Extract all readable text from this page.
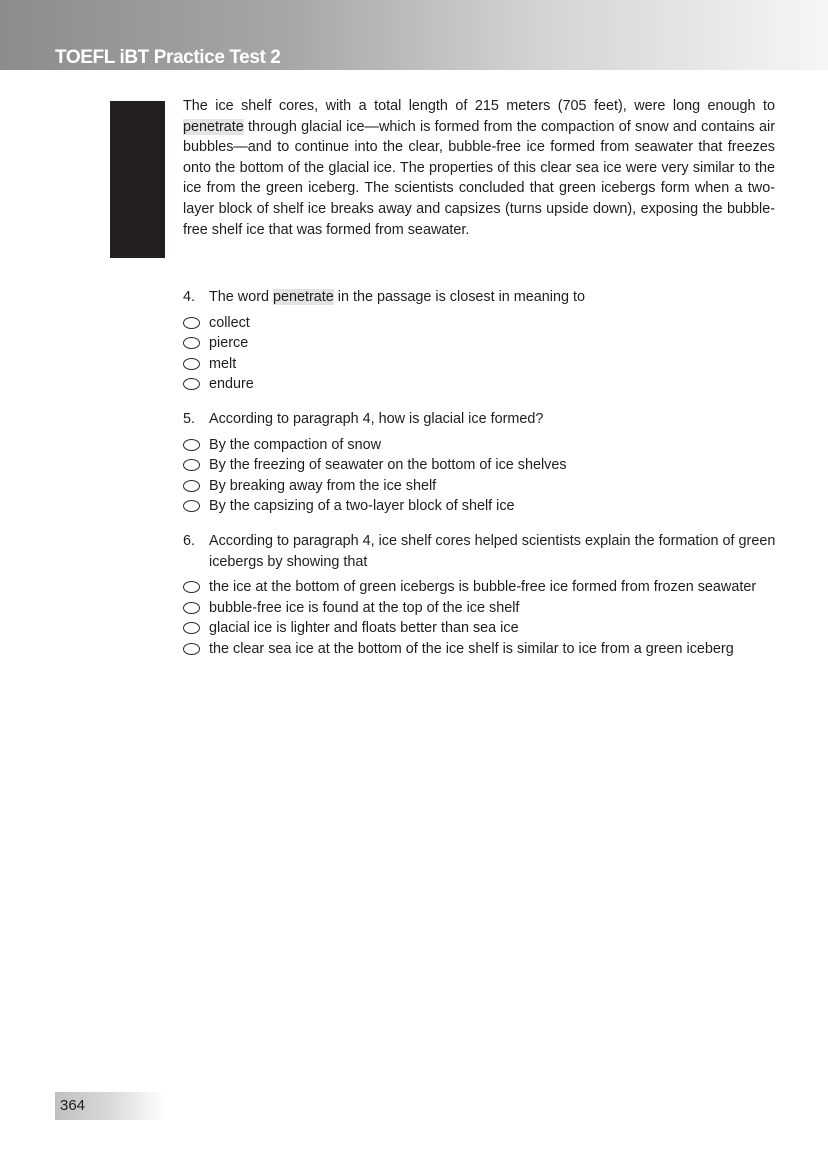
TOEFL iBT Practice Test 2

The ice shelf cores, with a total length of 215 meters (705 feet), were long enough to penetrate through glacial ice—which is formed from the compaction of snow and contains air bubbles—and to continue into the clear, bubble-free ice formed from seawater that freezes onto the bottom of the glacial ice. The properties of this clear sea ice were very similar to the ice from the green iceberg. The scientists concluded that green icebergs form when a two-layer block of shelf ice breaks away and capsizes (turns upside down), exposing the bubble-free shelf ice that was formed from seawater.

4. The word penetrate in the passage is closest in meaning to
collect
pierce
melt
endure
5. According to paragraph 4, how is glacial ice formed?
By the compaction of snow
By the freezing of seawater on the bottom of ice shelves
By breaking away from the ice shelf
By the capsizing of a two-layer block of shelf ice
6. According to paragraph 4, ice shelf cores helped scientists explain the formation of green icebergs by showing that
the ice at the bottom of green icebergs is bubble-free ice formed from frozen seawater
bubble-free ice is found at the top of the ice shelf
glacial ice is lighter and floats better than sea ice
the clear sea ice at the bottom of the ice shelf is similar to ice from a green iceberg
364
